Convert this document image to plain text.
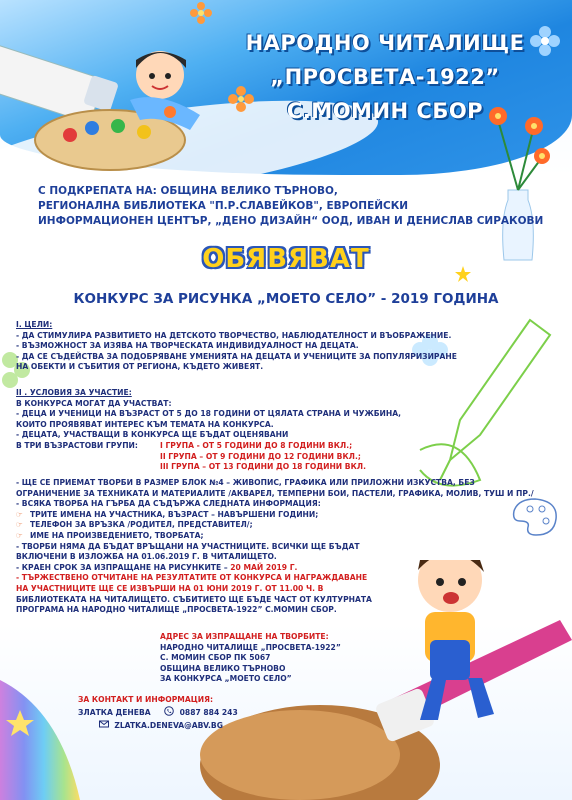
НАРОДНО ЧИТАЛИЩЕ
„ПРОСВЕТА-1922”
С.МОМИН СБОР
С ПОДКРЕПАТА НА: ОБЩИНА ВЕЛИКО ТЪРНОВО,
РЕГИОНАЛНА БИБЛИОТЕКА "П.Р.СЛАВЕЙКОВ", ЕВРОПЕЙСКИ
ИНФОРМАЦИОНЕН ЦЕНТЪР, „ДЕНО ДИЗАЙН“ ООД, ИВАН И ДЕНИСЛАВ СИРАКОВИ
ОБЯВЯВАТ
КОНКУРС ЗА РИСУНКА „МОЕТО СЕЛО” - 2019 ГОДИНА
I. ЦЕЛИ:
- ДА СТИМУЛИРА РАЗВИТИЕТО НА ДЕТСКОТО ТВОРЧЕСТВО, НАБЛЮДАТЕЛНОСТ И ВЪОБРАЖЕНИЕ.
- ВЪЗМОЖНОСТ ЗА ИЗЯВА НА ТВОРЧЕСКАТА ИНДИВИДУАЛНОСТ НА ДЕЦАТА.
- ДА СЕ СЪДЕЙСТВА ЗА ПОДОБРЯВАНЕ УМЕНИЯТА НА ДЕЦАТА И УЧЕНИЦИТЕ ЗА ПОПУЛЯРИЗИРАНЕ
НА ОБЕКТИ И СЪБИТИЯ ОТ РЕГИОНА, КЪДЕТО ЖИВЕЯТ.
II . УСЛОВИЯ ЗА УЧАСТИЕ:
В КОНКУРСА МОГАТ ДА УЧАСТВАТ:
- ДЕЦА И УЧЕНИЦИ НА ВЪЗРАСТ ОТ 5 ДО 18 ГОДИНИ ОТ ЦЯЛАТА СТРАНА И ЧУЖБИНА,
КОИТО ПРОЯВЯВАТ ИНТЕРЕС КЪМ ТЕМАТА НА КОНКУРСА.
- ДЕЦАТА, УЧАСТВАЩИ В КОНКУРСА ЩЕ БЪДАТ ОЦЕНЯВАНИ
В ТРИ ВЪЗРАСТОВИ ГРУПИ:	I ГРУПА - ОТ 5 ГОДИНИ ДО 8 ГОДИНИ ВКЛ.;
II ГРУПА – ОТ 9 ГОДИНИ ДО 12 ГОДИНИ ВКЛ.;
III ГРУПА – ОТ 13 ГОДИНИ ДО 18 ГОДИНИ ВКЛ.
- ЩЕ СЕ ПРИЕМАТ ТВОРБИ В РАЗМЕР БЛОК №4 – ЖИВОПИС, ГРАФИКА ИЛИ ПРИЛОЖНИ ИЗКУСТВА, БЕЗ
ОГРАНИЧЕНИЕ ЗА ТЕХНИКАТА И МАТЕРИАЛИТЕ /АКВАРЕЛ, ТЕМПЕРНИ БОИ, ПАСТЕЛИ, ГРАФИКА, МОЛИВ, ТУШ И ПР./
- ВСЯКА ТВОРБА НА ГЪРБА ДА СЪДЪРЖА СЛЕДНАТА ИНФОРМАЦИЯ:
☞ ТРИТЕ ИМЕНА НА УЧАСТНИКА, ВЪЗРАСТ – НАВЪРШЕНИ ГОДИНИ;
☞ ТЕЛЕФОН ЗА ВРЪЗКА /РОДИТЕЛ, ПРЕДСТАВИТЕЛ/;
☞ ИМЕ НА ПРОИЗВЕДЕНИЕТО, ТВОРБАТА;
- ТВОРБИ НЯМА ДА БЪДАТ ВРЪЩАНИ НА УЧАСТНИЦИТЕ. ВСИЧКИ ЩЕ БЪДАТ
ВКЛЮЧЕНИ В ИЗЛОЖБА НА 01.06.2019 Г. В ЧИТАЛИЩЕТО.
- КРАЕН СРОК ЗА ИЗПРАЩАНЕ НА РИСУНКИТЕ – 20 МАЙ 2019 Г.
- ТЪРЖЕСТВЕНО ОТЧИТАНЕ НА РЕЗУЛТАТИТЕ ОТ КОНКУРСА И НАГРАЖДАВАНЕ
НА УЧАСТНИЦИТЕ ЩЕ СЕ ИЗВЪРШИ НА 01 ЮНИ 2019 Г. ОТ 11.00 Ч. В
БИБЛИОТЕКАТА НА ЧИТАЛИЩЕТО. СЪБИТИЕТО ЩЕ БЪДЕ ЧАСТ ОТ КУЛТУРНАТА
ПРОГРАМА НА НАРОДНО ЧИТАЛИЩЕ „ПРОСВЕТА-1922” С.МОМИН СБОР.
АДРЕС ЗА ИЗПРАЩАНЕ НА ТВОРБИТЕ:
НАРОДНО ЧИТАЛИЩЕ „ПРОСВЕТА-1922”
С. МОМИН СБОР ПК 5067
ОБЩИНА ВЕЛИКО ТЪРНОВО
ЗА КОНКУРСА „МОЕТО СЕЛО”
ЗА КОНТАКТ И ИНФОРМАЦИЯ:
ЗЛАТКА ДЕНЕВА	0887 884 243
ZLATKA.DENEVA@ABV.BG
